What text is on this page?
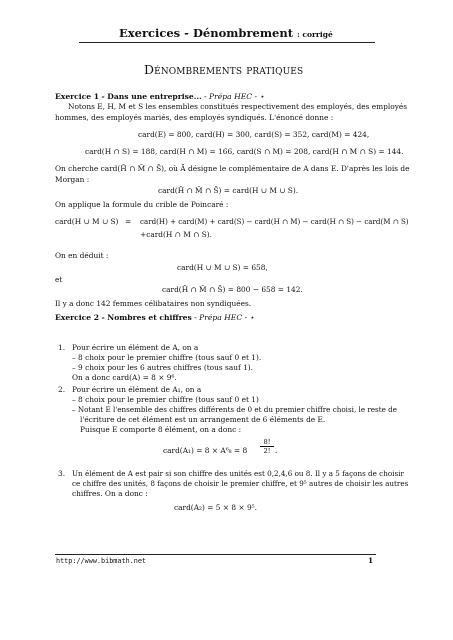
Exercices - Dénombrement : corrigé
Dénombrements pratiques
Exercice 1 - Dans une entreprise... - Prépa HEC - ⋆
Notons E, H, M et S les ensembles constitués respectivement des employés, des employés
hommes, des employés mariés, des employés syndiqués. L'énoncé donne :
card(E) = 800, card(H) = 300, card(S) = 352, card(M) = 424,
card(H ∩ S) = 188, card(H ∩ M) = 166, card(S ∩ M) = 208, card(H ∩ M ∩ S) = 144.
On cherche card(H̄ ∩ M̄ ∩ S̄), où Ā désigne le complémentaire de A dans E. D'après les lois de
Morgan :
card(H̄ ∩ M̄ ∩ S̄) = card(H ∪ M ∪ S).
On applique la formule du crible de Poincaré :
card(H ∪ M ∪ S) = card(H) + card(M) + card(S) − card(H ∩ M) − card(H ∩ S) − card(M ∩ S)
+card(H ∩ M ∩ S).
On en déduit :
card(H ∪ M ∪ S) = 658,
et
card(H̄ ∩ M̄ ∩ S̄) = 800 − 658 = 142.
Il y a donc 142 femmes célibataires non syndiquées.
Exercice 2 - Nombres et chiffres - Prépa HEC - ⋆
1. Pour écrire un élément de A, on a
– 8 choix pour le premier chiffre (tous sauf 0 et 1).
– 9 choix pour les 6 autres chiffres (tous sauf 1).
On a donc card(A) = 8 × 9⁶.
2. Pour écrire un élément de A₁, on a
– 8 choix pour le premier chiffre (tous sauf 0 et 1)
– Notant E l'ensemble des chiffres différents de 0 et du premier chiffre choisi, le reste de
l'écriture de cet élément est un arrangement de 6 éléments de E.
Puisque E comporte 8 élément, on a donc :
card(A₁) = $8 \times A^6_8 = 8 \frac{8!}{2!}$ .
3. Un élément de A est pair si son chiffre des unités est 0,2,4,6 ou 8. Il y a 5 façons de choisir
ce chiffre des unités, 8 façons de choisir le premier chiffre, et 9⁵ autres de choisir les autres
chiffres. On a donc :
card(A₂) = 5 × 8 × 9⁵.
http://www.bibmath.net	1
